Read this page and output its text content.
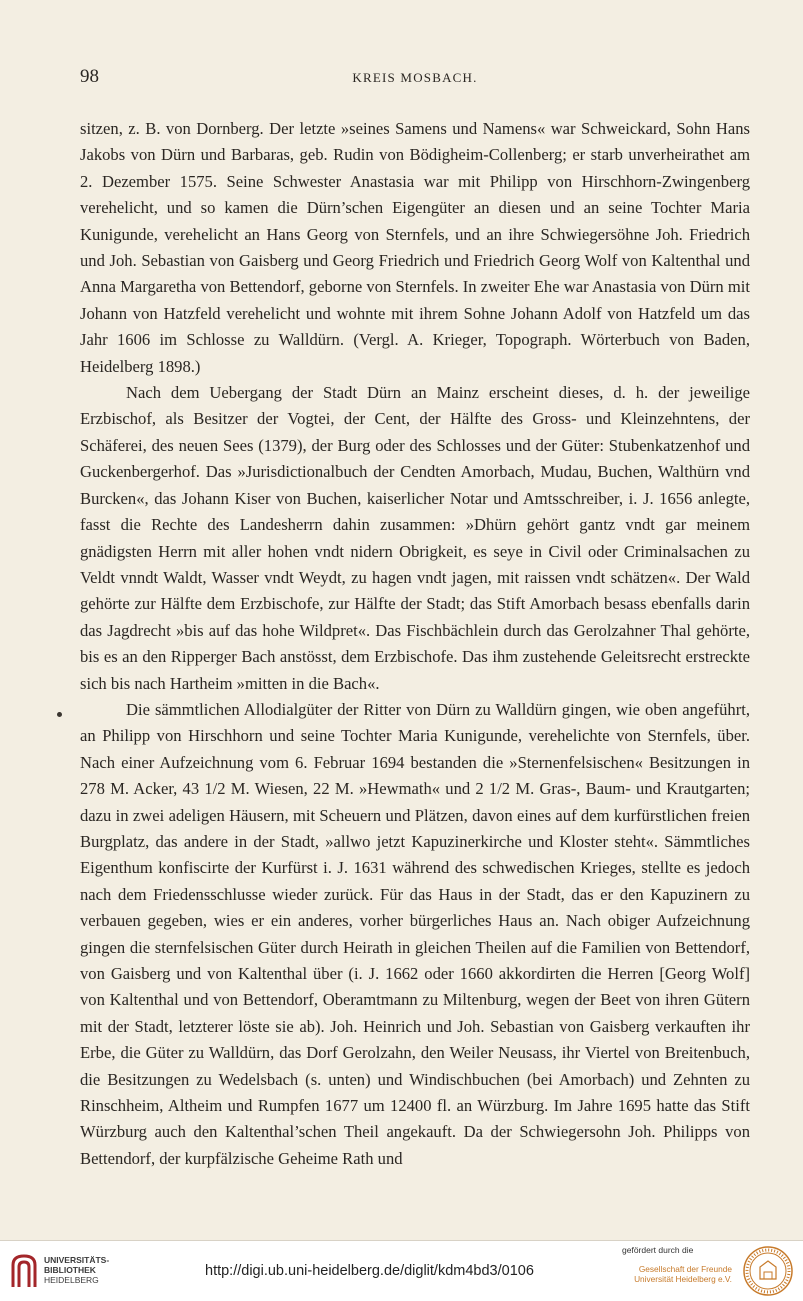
98	KREIS MOSBACH.

sitzen, z. B. von Dornberg. Der letzte »seines Samens und Namens« war Schweickard, Sohn Hans Jakobs von Dürn und Barbaras, geb. Rudin von Bödigheim-Collenberg; er starb unverheirathet am 2. Dezember 1575. Seine Schwester Anastasia war mit Philipp von Hirschhorn-Zwingenberg verehelicht, und so kamen die Dürn’schen Eigengüter an diesen und an seine Tochter Maria Kunigunde, verehelicht an Hans Georg von Sternfels, und an ihre Schwiegersöhne Joh. Friedrich und Joh. Sebastian von Gaisberg und Georg Friedrich und Friedrich Georg Wolf von Kaltenthal und Anna Margaretha von Bettendorf, geborne von Sternfels. In zweiter Ehe war Anastasia von Dürn mit Johann von Hatzfeld verehelicht und wohnte mit ihrem Sohne Johann Adolf von Hatzfeld um das Jahr 1606 im Schlosse zu Walldürn. (Vergl. A. Krieger, Topograph. Wörterbuch von Baden, Heidelberg 1898.)

Nach dem Uebergang der Stadt Dürn an Mainz erscheint dieses, d. h. der jeweilige Erzbischof, als Besitzer der Vogtei, der Cent, der Hälfte des Gross- und Kleinzehntens, der Schäferei, des neuen Sees (1379), der Burg oder des Schlosses und der Güter: Stubenkatzenhof und Guckenbergerhof. Das »Jurisdictionalbuch der Cendten Amorbach, Mudau, Buchen, Walthürn vnd Burcken«, das Johann Kiser von Buchen, kaiserlicher Notar und Amtsschreiber, i. J. 1656 anlegte, fasst die Rechte des Landesherrn dahin zusammen: »Dhürn gehört gantz vndt gar meinem gnädigsten Herrn mit aller hohen vndt nidern Obrigkeit, es seye in Civil oder Criminalsachen zu Veldt vnndt Waldt, Wasser vndt Weydt, zu hagen vndt jagen, mit raissen vndt schätzen«. Der Wald gehörte zur Hälfte dem Erzbischofe, zur Hälfte der Stadt; das Stift Amorbach besass ebenfalls darin das Jagdrecht »bis auf das hohe Wildpret«. Das Fischbächlein durch das Gerolzahner Thal gehörte, bis es an den Ripperger Bach anstösst, dem Erzbischofe. Das ihm zustehende Geleitsrecht erstreckte sich bis nach Hartheim »mitten in die Bach«.

Die sämmtlichen Allodialgüter der Ritter von Dürn zu Walldürn gingen, wie oben angeführt, an Philipp von Hirschhorn und seine Tochter Maria Kunigunde, verehelichte von Sternfels, über. Nach einer Aufzeichnung vom 6. Februar 1694 bestanden die »Sternenfelsischen« Besitzungen in 278 M. Acker, 43 1/2 M. Wiesen, 22 M. »Hewmath« und 2 1/2 M. Gras-, Baum- und Krautgarten; dazu in zwei adeligen Häusern, mit Scheuern und Plätzen, davon eines auf dem kurfürstlichen freien Burgplatz, das andere in der Stadt, »allwo jetzt Kapuzinerkirche und Kloster steht«. Sämmtliches Eigenthum konfiscirte der Kurfürst i. J. 1631 während des schwedischen Krieges, stellte es jedoch nach dem Friedensschlusse wieder zurück. Für das Haus in der Stadt, das er den Kapuzinern zu verbauen gegeben, wies er ein anderes, vorher bürgerliches Haus an. Nach obiger Aufzeichnung gingen die sternfelsischen Güter durch Heirath in gleichen Theilen auf die Familien von Bettendorf, von Gaisberg und von Kaltenthal über (i. J. 1662 oder 1660 akkordirten die Herren [Georg Wolf] von Kaltenthal und von Bettendorf, Oberamtmann zu Miltenburg, wegen der Beet von ihren Gütern mit der Stadt, letzterer löste sie ab). Joh. Heinrich und Joh. Sebastian von Gaisberg verkauften ihr Erbe, die Güter zu Walldürn, das Dorf Gerolzahn, den Weiler Neusass, ihr Viertel von Breitenbuch, die Besitzungen zu Wedelsbach (s. unten) und Windischbuchen (bei Amorbach) und Zehnten zu Rinschheim, Altheim und Rumpfen 1677 um 12400 fl. an Würzburg. Im Jahre 1695 hatte das Stift Würzburg auch den Kaltenthal’schen Theil angekauft. Da der Schwiegersohn Joh. Philipps von Bettendorf, der kurpfälzische Geheime Rath und

UNIVERSITÄTS-
BIBLIOTHEK
HEIDELBERG
http://digi.ub.uni-heidelberg.de/diglit/kdm4bd3/0106
gefördert durch die
Gesellschaft der Freunde
Universität Heidelberg e.V.
